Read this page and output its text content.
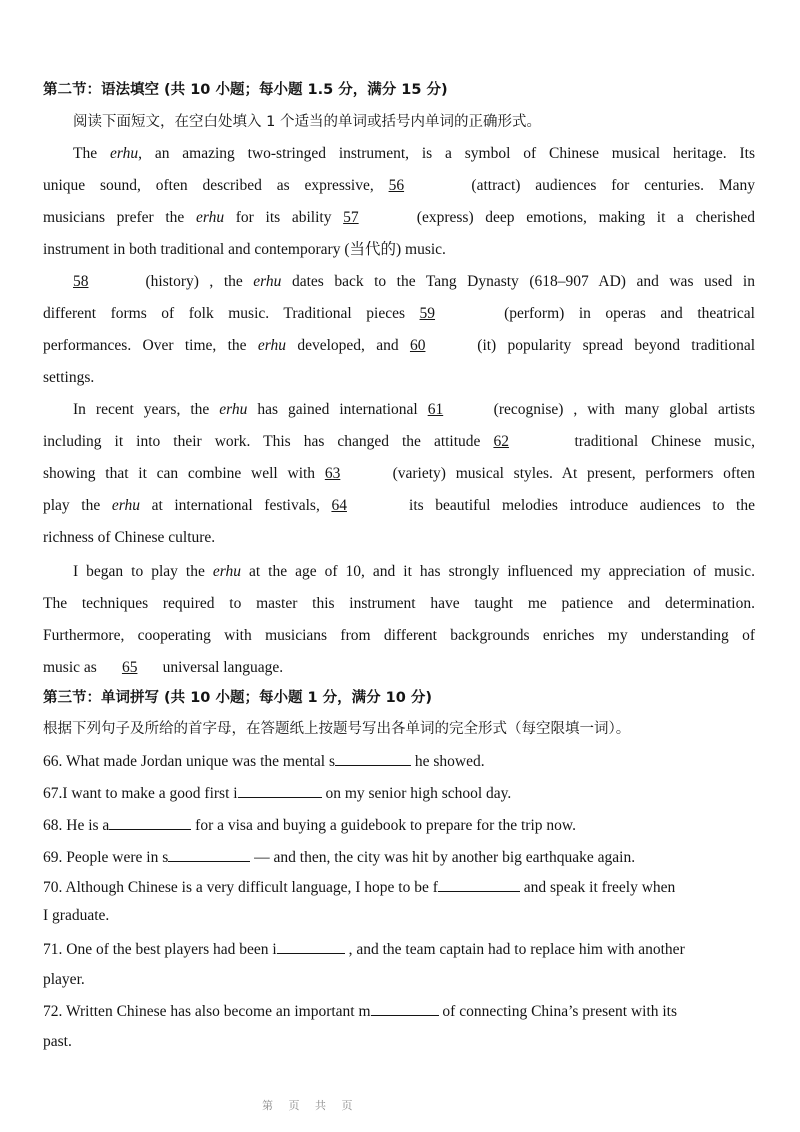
第二节：语法填空 (共 10 小题；每小题 1.5 分，满分 15 分)
阅读下面短文，在空白处填入 1 个适当的单词或括号内单词的正确形式。
The erhu, an amazing two-stringed instrument, is a symbol of Chinese musical heritage. Its
unique sound, often described as expressive, 56	(attract) audiences for centuries. Many
musicians prefer the erhu for its ability 57	(express) deep emotions, making it a cherished
instrument in both traditional and contemporary (当代的) music.
58	(history) , the erhu dates back to the Tang Dynasty (618–907 AD) and was used in
different forms of folk music. Traditional pieces 59	(perform) in operas and theatrical
performances. Over time, the erhu developed, and 60	(it) popularity spread beyond traditional
settings.
In recent years, the erhu has gained international 61	(recognise) , with many global artists
including it into their work. This has changed the attitude 62	traditional Chinese music,
showing that it can combine well with 63	(variety) musical styles. At present, performers often
play the erhu at international festivals, 64	its beautiful melodies introduce audiences to the
richness of Chinese culture.
I began to play the erhu at the age of 10, and it has strongly influenced my appreciation of music.
The techniques required to master this instrument have taught me patience and determination.
Furthermore, cooperating with musicians from different backgrounds enriches my understanding of
music as 65 universal language.
第三节：单词拼写 (共 10 小题；每小题 1 分，满分 10 分)
根据下列句子及所给的首字母，在答题纸上按题号写出各单词的完全形式（每空限填一词）。
66. What made Jordan unique was the mental s	he showed.
67.I want to make a good first i	on my senior high school day.
68. He is a	for a visa and buying a guidebook to prepare for the trip now.
69. People were in s	— and then, the city was hit by another big earthquake again.
70. Although Chinese is a very difficult language, I hope to be f	and speak it freely when
I graduate.
71. One of the best players had been i	, and the team captain had to replace him with another
player.
72. Written Chinese has also become an important m	of connecting China’s present with its
past.
第 页 共 页
